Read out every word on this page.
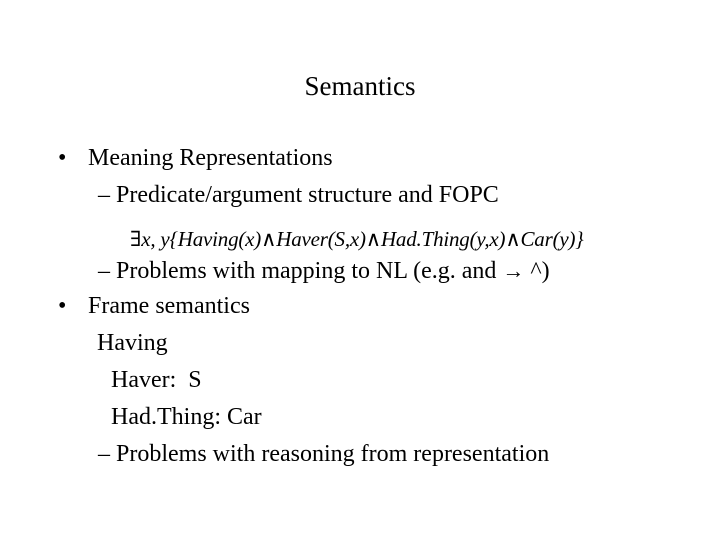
Semantics
• Meaning Representations
– Predicate/argument structure and FOPC
∃x, y{Having(x)∧Haver(S,x)∧Had.Thing(y,x)∧Car(y)}
– Problems with mapping to NL (e.g. and → ^)
• Frame semantics
Having
Haver:  S
Had.Thing: Car
– Problems with reasoning from representation
